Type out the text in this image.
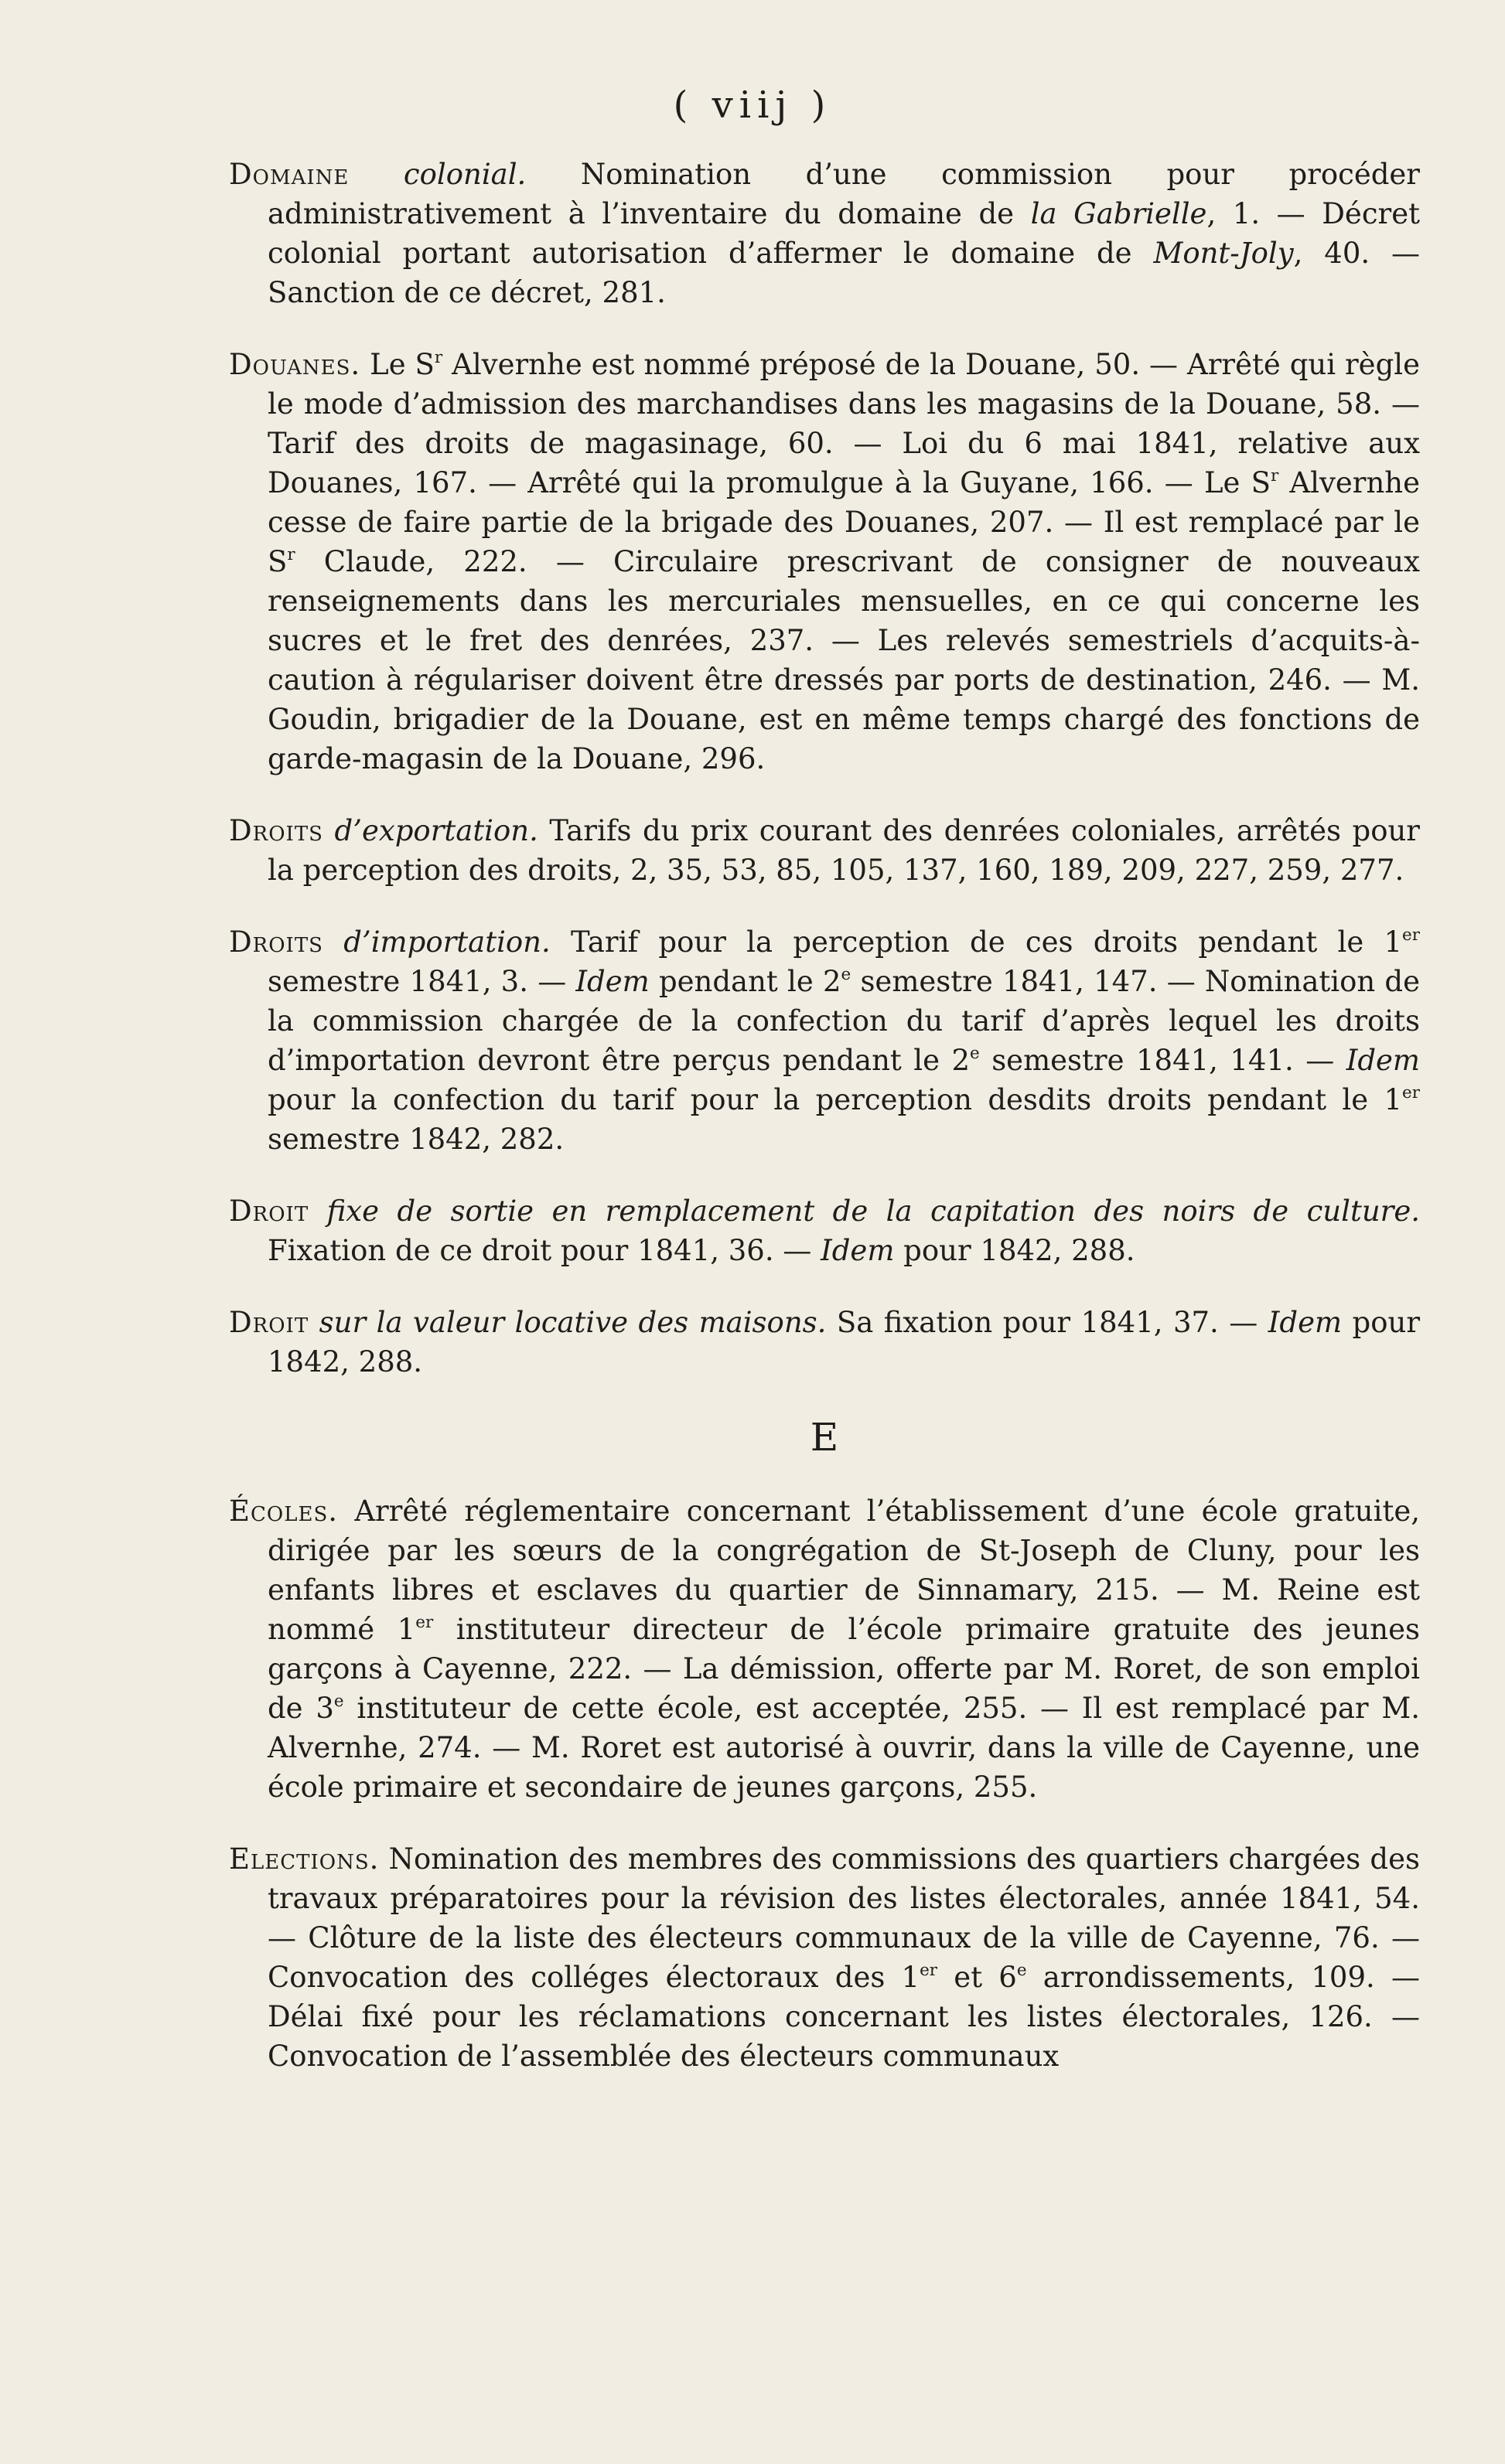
( viij )

Domaine colonial. Nomination d’une commission pour procéder administrativement à l’inventaire du domaine de la Gabrielle, 1. — Décret colonial portant autorisation d’affermer le domaine de Mont-Joly, 40. — Sanction de ce décret, 281.

Douanes. Le $S^r$ Alvernhe est nommé préposé de la Douane, 50. — Arrêté qui règle le mode d’admission des marchandises dans les magasins de la Douane, 58. — Tarif des droits de magasinage, 60. — Loi du 6 mai 1841, relative aux Douanes, 167. — Arrêté qui la promulgue à la Guyane, 166. — Le $S^r$ Alvernhe cesse de faire partie de la brigade des Douanes, 207. — Il est remplacé par le $S^r$ Claude, 222. — Circulaire prescrivant de consigner de nouveaux renseignements dans les mercuriales mensuelles, en ce qui concerne les sucres et le fret des denrées, 237. — Les relevés semestriels d’acquits-à-caution à régulariser doivent être dressés par ports de destination, 246. — M. Goudin, brigadier de la Douane, est en même temps chargé des fonctions de garde-magasin de la Douane, 296.

Droits d’exportation. Tarifs du prix courant des denrées coloniales, arrêtés pour la perception des droits, 2, 35, 53, 85, 105, 137, 160, 189, 209, 227, 259, 277.

Droits d’importation. Tarif pour la perception de ces droits pendant le 1er semestre 1841, 3. — Idem pendant le 2e semestre 1841, 147. — Nomination de la commission chargée de la confection du tarif d’après lequel les droits d’importation devront être perçus pendant le 2e semestre 1841, 141. — Idem pour la confection du tarif pour la perception desdits droits pendant le 1er semestre 1842, 282.

Droit fixe de sortie en remplacement de la capitation des noirs de culture. Fixation de ce droit pour 1841, 36. — Idem pour 1842, 288.

Droit sur la valeur locative des maisons. Sa fixation pour 1841, 37. — Idem pour 1842, 288.

E

Écoles. Arrêté réglementaire concernant l’établissement d’une école gratuite, dirigée par les sœurs de la congrégation de St-Joseph de Cluny, pour les enfants libres et esclaves du quartier de Sinnamary, 215. — M. Reine est nommé 1er instituteur directeur de l’école primaire gratuite des jeunes garçons à Cayenne, 222. — La démission, offerte par M. Roret, de son emploi de 3e instituteur de cette école, est acceptée, 255. — Il est remplacé par M. Alvernhe, 274. — M. Roret est autorisé à ouvrir, dans la ville de Cayenne, une école primaire et secondaire de jeunes garçons, 255.

Elections. Nomination des membres des commissions des quartiers chargées des travaux préparatoires pour la révision des listes électorales, année 1841, 54. — Clôture de la liste des électeurs communaux de la ville de Cayenne, 76. — Convocation des colléges électoraux des 1er et 6e arrondissements, 109. — Délai fixé pour les réclamations concernant les listes électorales, 126. — Convocation de l’assemblée des électeurs communaux
